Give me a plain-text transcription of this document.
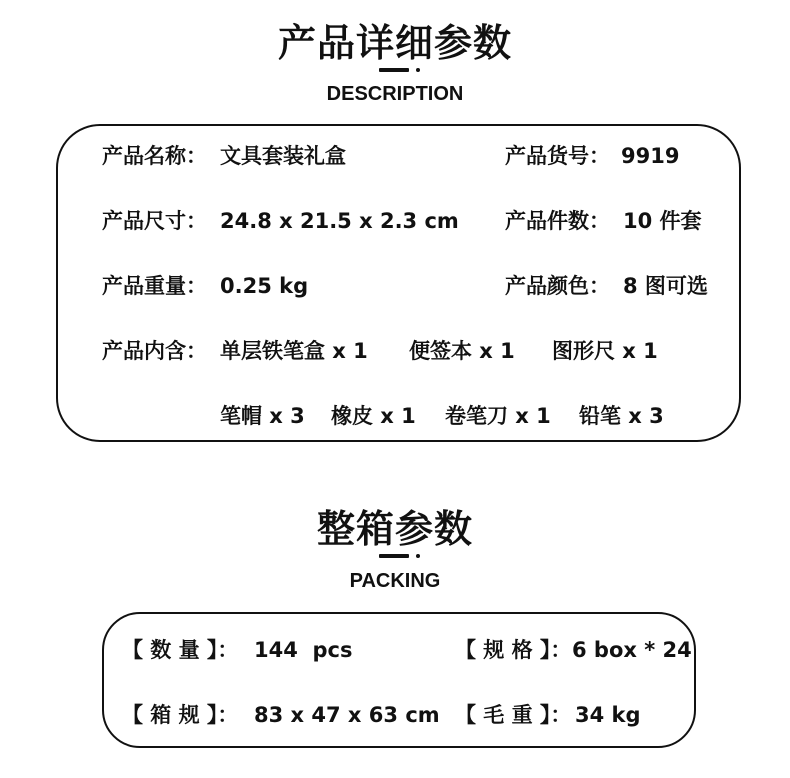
产品详细参数
DESCRIPTION
产品名称： 文具套装礼盒	产品货号： 9919
产品尺寸： 24.8 x 21.5 x 2.3 cm 产品件数： 10 件套
产品重量： 0.25 kg	产品颜色： 8 图可选
产品内含： 单层铁笔盒 x 1 便签本 x 1 图形尺 x 1
笔帽 x 3 橡皮 x 1 卷笔刀 x 1 铅笔 x 3
整箱参数
PACKING
【 数 量 】： 144  pcs	【 规 格 】： 6 box * 24
【 箱 规 】： 83 x 47 x 63 cm 【 毛 重 】： 34 kg
